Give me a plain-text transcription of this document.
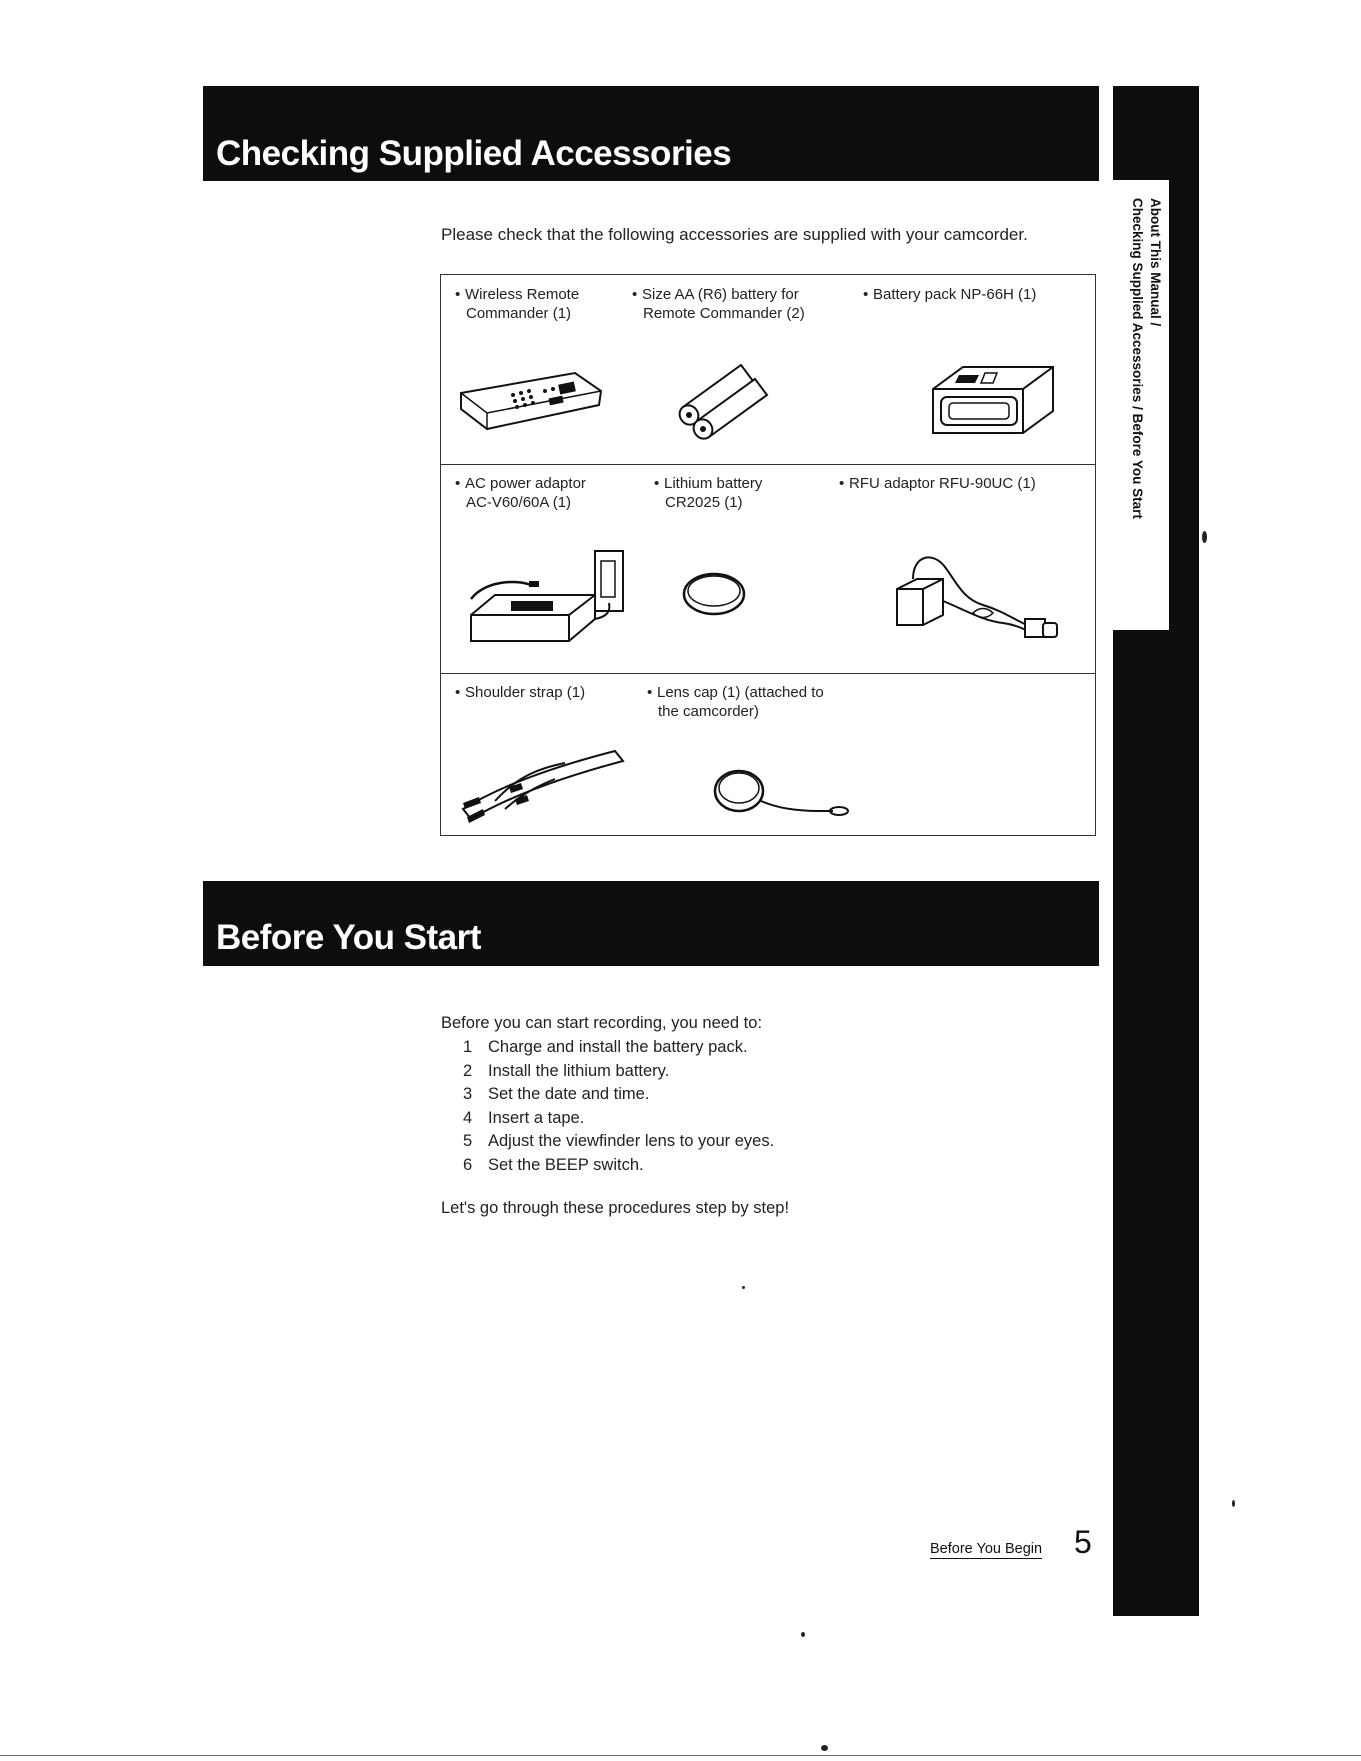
Checking Supplied Accessories
Before You Start
About This Manual /
Checking Supplied Accessories / Before You Start
Please check that the following accessories are supplied with your camcorder.
• Wireless Remote
Commander (1)
• Size AA (R6) battery for
Remote Commander (2)
• Battery pack NP-66H (1)
• AC power adaptor
AC-V60/60A (1)
• Lithium battery
CR2025 (1)
• RFU adaptor RFU-90UC (1)
• Shoulder strap (1)	• Lens cap (1) (attached to
the camcorder)
Before you can start recording, you need to:
1 Charge and install the battery pack.
2 Install the lithium battery.
3 Set the date and time.
4 Insert a tape.
5 Adjust the viewfinder lens to your eyes.
6 Set the BEEP switch.
Let's go through these procedures step by step!
Before You Begin 5
